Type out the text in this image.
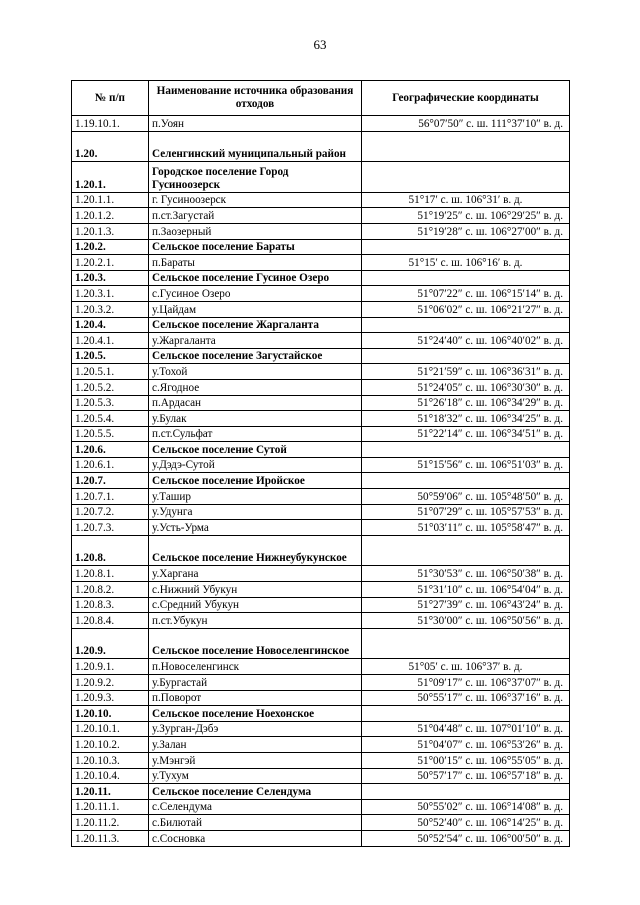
63
№ п/п	Наименование источника образования отходов	Географические координаты
1.19.10.1.	п.Уоян	56°07′50″ с. ш. 111°37′10″ в. д.
1.20.	Селенгинский муниципальный район	
1.20.1.	Городское поселение Город Гусиноозерск	
1.20.1.1.	г. Гусиноозерск	51°17′ с. ш. 106°31′ в. д.
1.20.1.2.	п.ст.Загустай	51°19′25″ с. ш. 106°29′25″ в. д.
1.20.1.3.	п.Заозерный	51°19′28″ с. ш. 106°27′00″ в. д.
1.20.2.	Сельское поселение Бараты	
1.20.2.1.	п.Бараты	51°15′ с. ш. 106°16′ в. д.
1.20.3.	Сельское поселение Гусиное Озеро	
1.20.3.1.	с.Гусиное Озеро	51°07′22″ с. ш. 106°15′14″ в. д.
1.20.3.2.	у.Цайдам	51°06′02″ с. ш. 106°21′27″ в. д.
1.20.4.	Сельское поселение Жаргаланта	
1.20.4.1.	у.Жаргаланта	51°24′40″ с. ш. 106°40′02″ в. д.
1.20.5.	Сельское поселение Загустайское	
1.20.5.1.	у.Тохой	51°21′59″ с. ш. 106°36′31″ в. д.
1.20.5.2.	с.Ягодное	51°24′05″ с. ш. 106°30′30″ в. д.
1.20.5.3.	п.Ардасан	51°26′18″ с. ш. 106°34′29″ в. д.
1.20.5.4.	у.Булак	51°18′32″ с. ш. 106°34′25″ в. д.
1.20.5.5.	п.ст.Сульфат	51°22′14″ с. ш. 106°34′51″ в. д.
1.20.6.	Сельское поселение Сутой	
1.20.6.1.	у.Дэдэ-Сутой	51°15′56″ с. ш. 106°51′03″ в. д.
1.20.7.	Сельское поселение Иройское	
1.20.7.1.	у.Ташир	50°59′06″ с. ш. 105°48′50″ в. д.
1.20.7.2.	у.Удунга	51°07′29″ с. ш. 105°57′53″ в. д.
1.20.7.3.	у.Усть-Урма	51°03′11″ с. ш. 105°58′47″ в. д.
1.20.8.	Сельское поселение Нижнеубукунское	
1.20.8.1.	у.Харгана	51°30′53″ с. ш. 106°50′38″ в. д.
1.20.8.2.	с.Нижний Убукун	51°31′10″ с. ш. 106°54′04″ в. д.
1.20.8.3.	с.Средний Убукун	51°27′39″ с. ш. 106°43′24″ в. д.
1.20.8.4.	п.ст.Убукун	51°30′00″ с. ш. 106°50′56″ в. д.
1.20.9.	Сельское поселение Новоселенгинское	
1.20.9.1.	п.Новоселенгинск	51°05′ с. ш. 106°37′ в. д.
1.20.9.2.	у.Бургастай	51°09′17″ с. ш. 106°37′07″ в. д.
1.20.9.3.	п.Поворот	50°55′17″ с. ш. 106°37′16″ в. д.
1.20.10.	Сельское поселение Ноехонское	
1.20.10.1.	у.Зурган-Дэбэ	51°04′48″ с. ш. 107°01′10″ в. д.
1.20.10.2.	у.Залан	51°04′07″ с. ш. 106°53′26″ в. д.
1.20.10.3.	у.Мэнгэй	51°00′15″ с. ш. 106°55′05″ в. д.
1.20.10.4.	у.Тухум	50°57′17″ с. ш. 106°57′18″ в. д.
1.20.11.	Сельское поселение Селендума	
1.20.11.1.	с.Селендума	50°55′02″ с. ш. 106°14′08″ в. д.
1.20.11.2.	с.Билютай	50°52′40″ с. ш. 106°14′25″ в. д.
1.20.11.3.	с.Сосновка	50°52′54″ с. ш. 106°00′50″ в. д.
